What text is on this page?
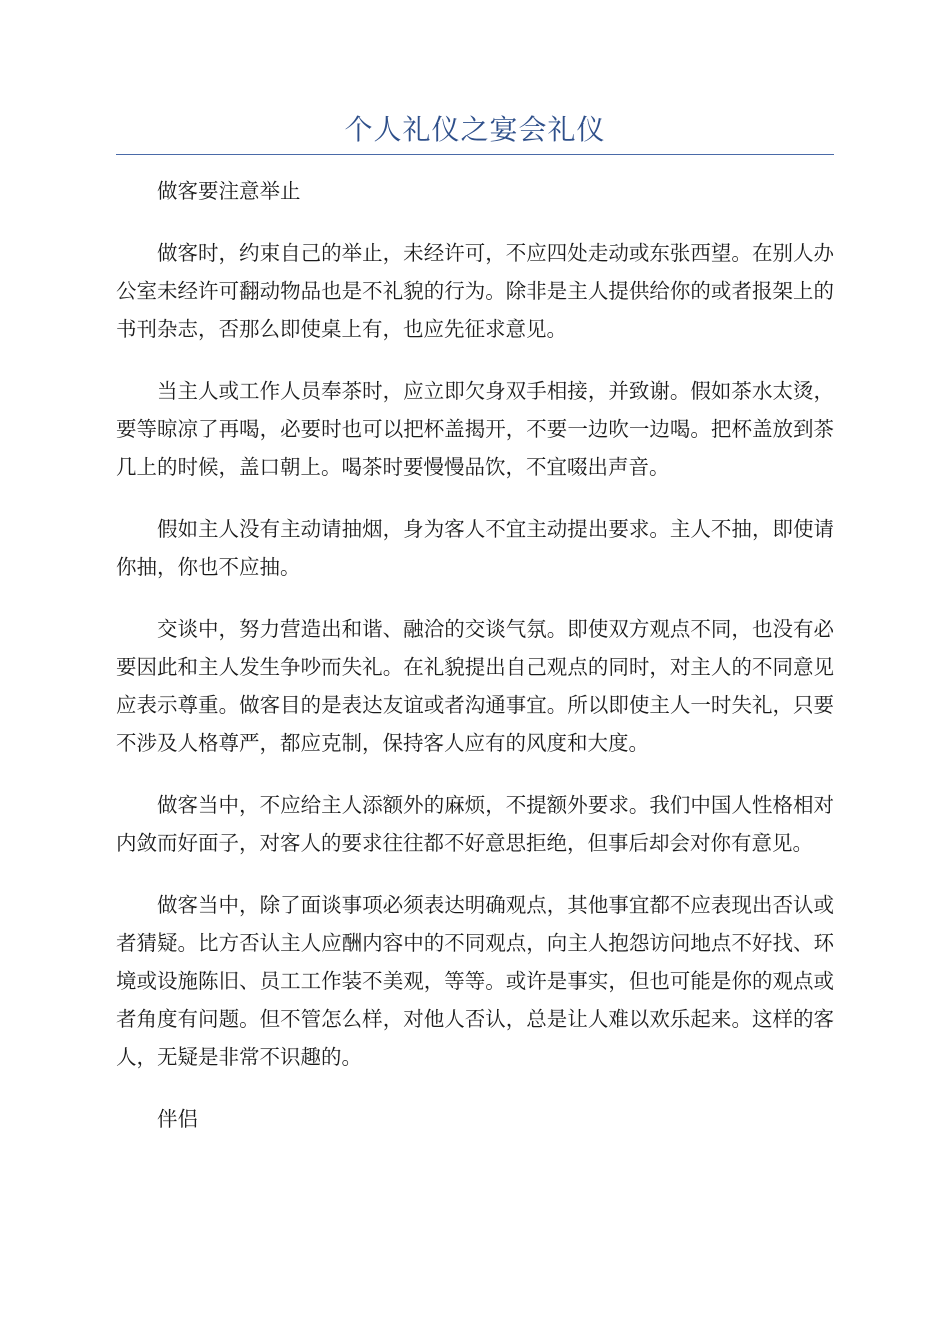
个人礼仪之宴会礼仪

做客要注意举止

做客时，约束自己的举止，未经许可，不应四处走动或东张西望。在别人办公室未经许可翻动物品也是不礼貌的行为。除非是主人提供给你的或者报架上的书刊杂志，否那么即使桌上有，也应先征求意见。

当主人或工作人员奉茶时，应立即欠身双手相接，并致谢。假如茶水太烫，要等晾凉了再喝，必要时也可以把杯盖揭开，不要一边吹一边喝。把杯盖放到茶几上的时候，盖口朝上。喝茶时要慢慢品饮，不宜啜出声音。

假如主人没有主动请抽烟，身为客人不宜主动提出要求。主人不抽，即使请你抽，你也不应抽。

交谈中，努力营造出和谐、融洽的交谈气氛。即使双方观点不同，也没有必要因此和主人发生争吵而失礼。在礼貌提出自己观点的同时，对主人的不同意见应表示尊重。做客目的是表达友谊或者沟通事宜。所以即使主人一时失礼，只要不涉及人格尊严，都应克制，保持客人应有的风度和大度。

做客当中，不应给主人添额外的麻烦，不提额外要求。我们中国人性格相对内敛而好面子，对客人的要求往往都不好意思拒绝，但事后却会对你有意见。

做客当中，除了面谈事项必须表达明确观点，其他事宜都不应表现出否认或者猜疑。比方否认主人应酬内容中的不同观点，向主人抱怨访问地点不好找、环境或设施陈旧、员工工作装不美观，等等。或许是事实，但也可能是你的观点或者角度有问题。但不管怎么样，对他人否认，总是让人难以欢乐起来。这样的客人，无疑是非常不识趣的。

伴侣
